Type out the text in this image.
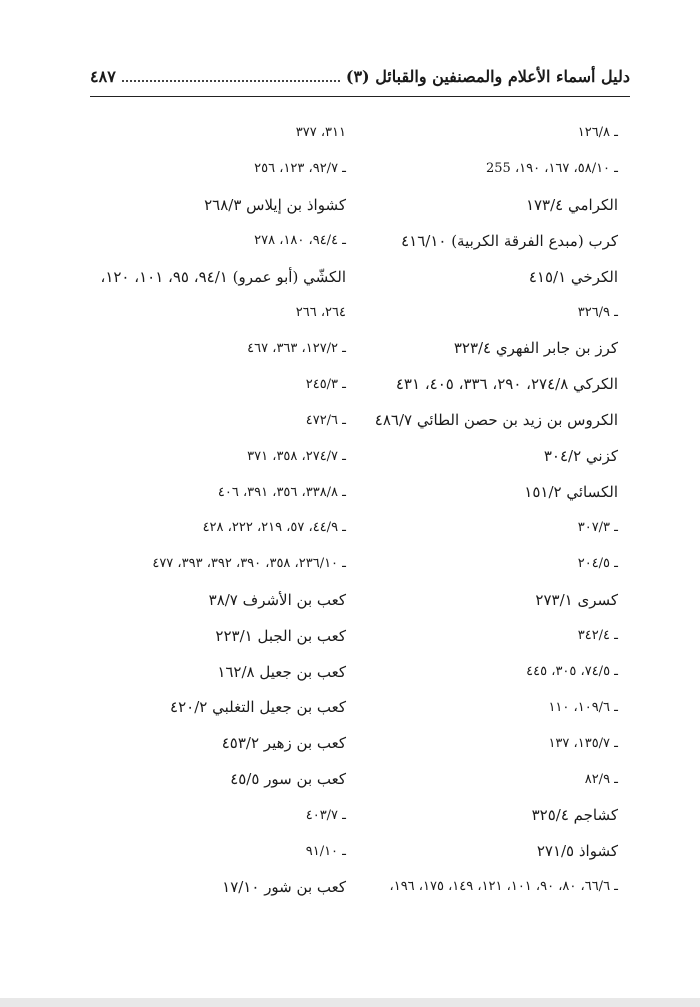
دليل أسماء الأعلام والمصنفين والقبائل (٣)
٤٨٧
ـ ١٢٦/٨
ـ ٥٨/١٠، ١٦٧، ١٩٠، 255
الكرامي ١٧٣/٤
كرب (مبدع الفرقة الكربية) ٤١٦/١٠
الكرخي ٤١٥/١
ـ ٣٢٦/٩
كرز بن جابر الفهري ٣٢٣/٤
الكركي ٢٧٤/٨، ٢٩٠، ٣٣٦، ٤٠٥، ٤٣١
الكروس بن زيد بن حصن الطائي ٤٨٦/٧
كزني ٣٠٤/٢
الكسائي ١٥١/٢
ـ ٣٠٧/٣
ـ ٢٠٤/٥
كسرى ٢٧٣/١
ـ ٣٤٢/٤
ـ ٧٤/٥، ٣٠٥، ٤٤٥
ـ ١٠٩/٦، ١١٠
ـ ١٣٥/٧، ١٣٧
ـ ٨٢/٩
كشاجم ٣٢٥/٤
كشواذ ٢٧١/٥
ـ ٦٦/٦، ٨٠، ٩٠، ١٠١، ١٢١، ١٤٩، ١٧٥، ١٩٦،
٣١١، ٣٧٧
ـ ٩٢/٧، ١٢٣، ٢٥٦
كشواذ بن إيلاس ٢٦٨/٣
ـ ٩٤/٤، ١٨٠، ٢٧٨
الكشّي (أبو عمرو) ٩٤/١، ٩٥، ١٠١، ١٢٠،
٢٦٤، ٢٦٦
ـ ١٢٧/٢، ٣٦٣، ٤٦٧
ـ ٢٤٥/٣
ـ ٤٧٢/٦
ـ ٢٧٤/٧، ٣٥٨، ٣٧١
ـ ٣٣٨/٨، ٣٥٦، ٣٩١، ٤٠٦
ـ ٤٤/٩، ٥٧، ٢١٩، ٢٢٢، ٤٢٨
ـ ٢٣٦/١٠، ٣٥٨، ٣٩٠، ٣٩٢، ٣٩٣، ٤٧٧
كعب بن الأشرف ٣٨/٧
كعب بن الجبل ٢٢٣/١
كعب بن جعيل ١٦٢/٨
كعب بن جعيل التغلبي ٤٢٠/٢
كعب بن زهير ٤٥٣/٢
كعب بن سور ٤٥/٥
ـ ٤٠٣/٧
ـ ٩١/١٠
كعب بن شور ١٧/١٠
